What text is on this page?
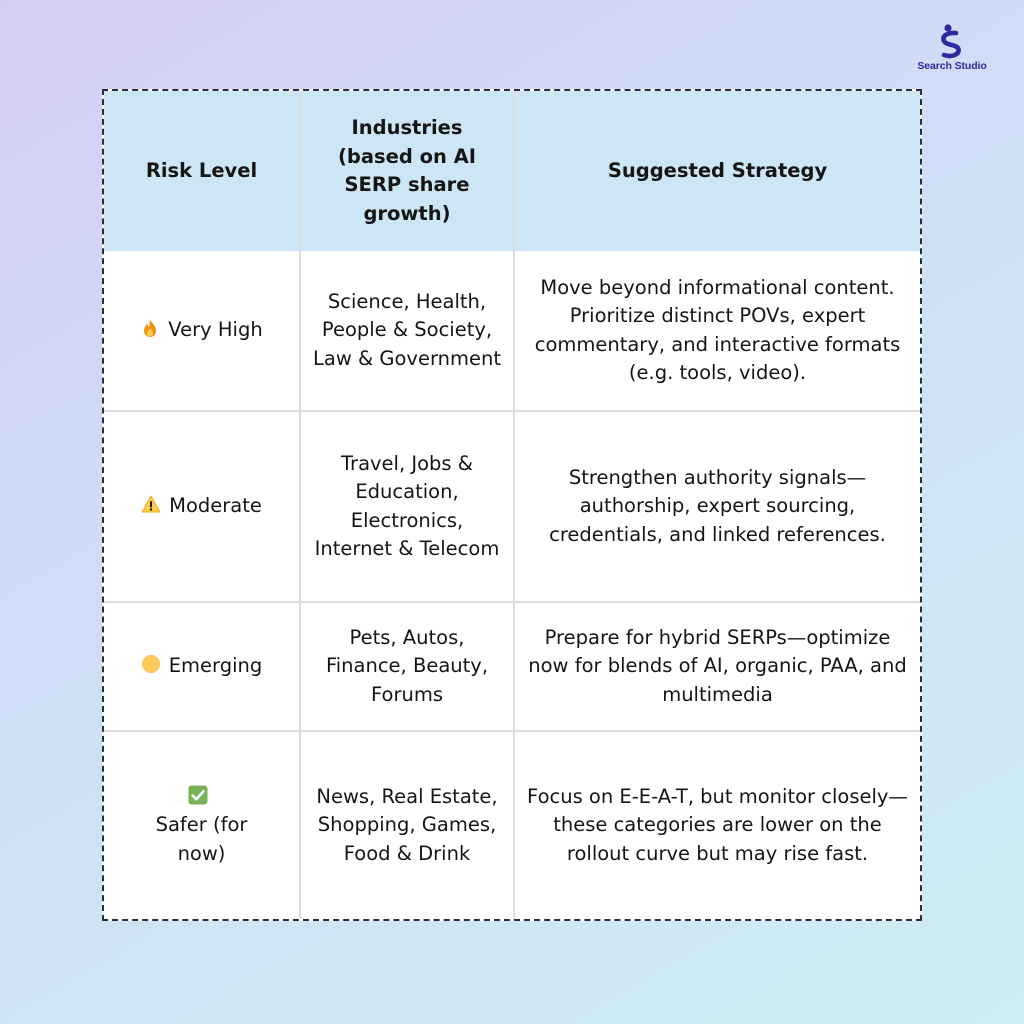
Search Studio
Risk Level	Industries (based on AI SERP share growth)	Suggested Strategy

Very High	Science, Health, People & Society, Law & Government	Move beyond informational content. Prioritize distinct POVs, expert commentary, and interactive formats (e.g. tools, video).

Moderate	Travel, Jobs & Education, Electronics, Internet & Telecom	Strengthen authority signals—authorship, expert sourcing, credentials, and linked references.

Emerging	Pets, Autos, Finance, Beauty, Forums	Prepare for hybrid SERPs—optimize now for blends of AI, organic, PAA, and multimedia

Safer (for now)	News, Real Estate, Shopping, Games, Food & Drink	Focus on E-E-A-T, but monitor closely—these categories are lower on the rollout curve but may rise fast.
